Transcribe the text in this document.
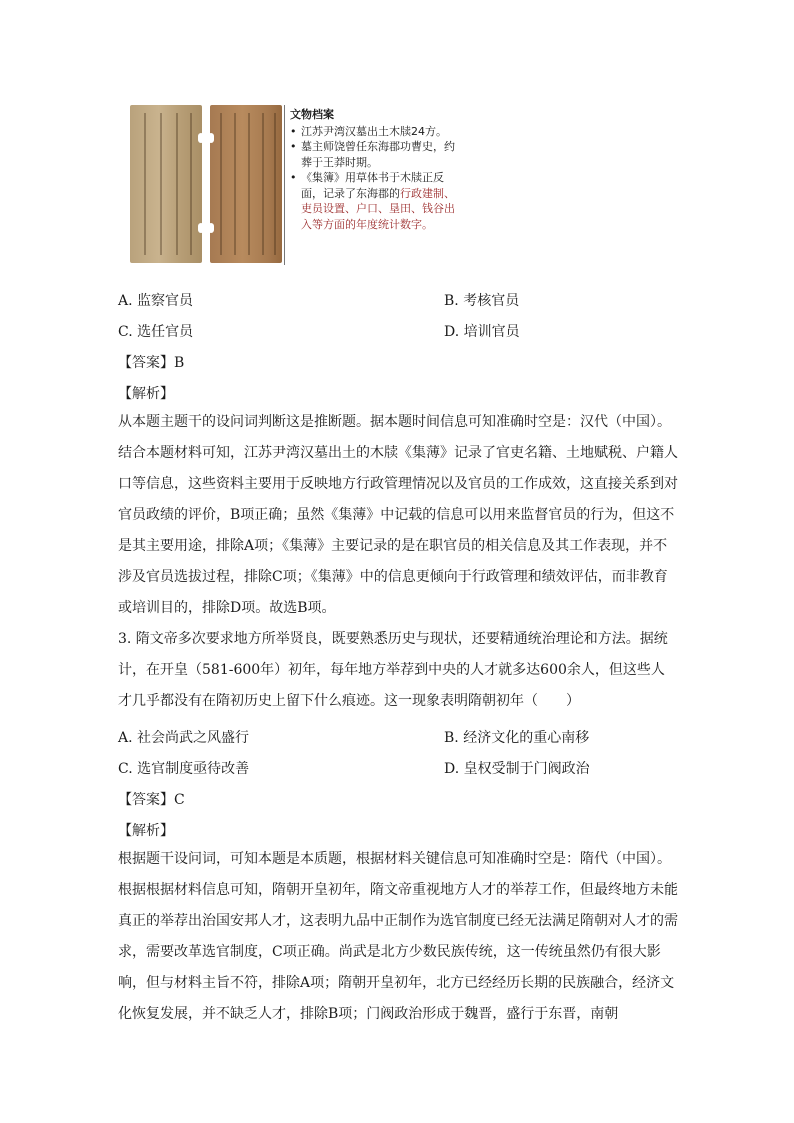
文物档案
• 江苏尹湾汉墓出土木牍24方。
• 墓主师饶曾任东海郡功曹史，约葬于王莽时期。
• 《集簿》用草体书于木牍正反面，记录了东海郡的行政建制、吏员设置、户口、垦田、钱谷出入等方面的年度统计数字。
A. 监察官员	B. 考核官员
C. 选任官员	D. 培训官员
【答案】B
【解析】

从本题主题干的设问词判断这是推断题。据本题时间信息可知准确时空是：汉代（中国）。结合本题材料可知，江苏尹湾汉墓出土的木牍《集薄》记录了官吏名籍、土地赋税、户籍人口等信息，这些资料主要用于反映地方行政管理情况以及官员的工作成效，这直接关系到对官员政绩的评价，B项正确；虽然《集薄》中记载的信息可以用来监督官员的行为，但这不是其主要用途，排除A项；《集薄》主要记录的是在职官员的相关信息及其工作表现，并不涉及官员选拔过程，排除C项；《集薄》中的信息更倾向于行政管理和绩效评估，而非教育或培训目的，排除D项。故选B项。

3. 隋文帝多次要求地方所举贤良，既要熟悉历史与现状，还要精通统治理论和方法。据统计，在开皇（581-600年）初年，每年地方举荐到中央的人才就多达600余人，但这些人才几乎都没有在隋初历史上留下什么痕迹。这一现象表明隋朝初年（　　）

A. 社会尚武之风盛行	B. 经济文化的重心南移
C. 选官制度亟待改善	D. 皇权受制于门阀政治
【答案】C
【解析】

根据题干设问词，可知本题是本质题，根据材料关键信息可知准确时空是：隋代（中国）。根据根据材料信息可知，隋朝开皇初年，隋文帝重视地方人才的举荐工作，但最终地方未能真正的举荐出治国安邦人才，这表明九品中正制作为选官制度已经无法满足隋朝对人才的需求，需要改革选官制度，C项正确。尚武是北方少数民族传统，这一传统虽然仍有很大影响，但与材料主旨不符，排除A项；隋朝开皇初年，北方已经经历长期的民族融合，经济文化恢复发展，并不缺乏人才，排除B项；门阀政治形成于魏晋，盛行于东晋，南朝
